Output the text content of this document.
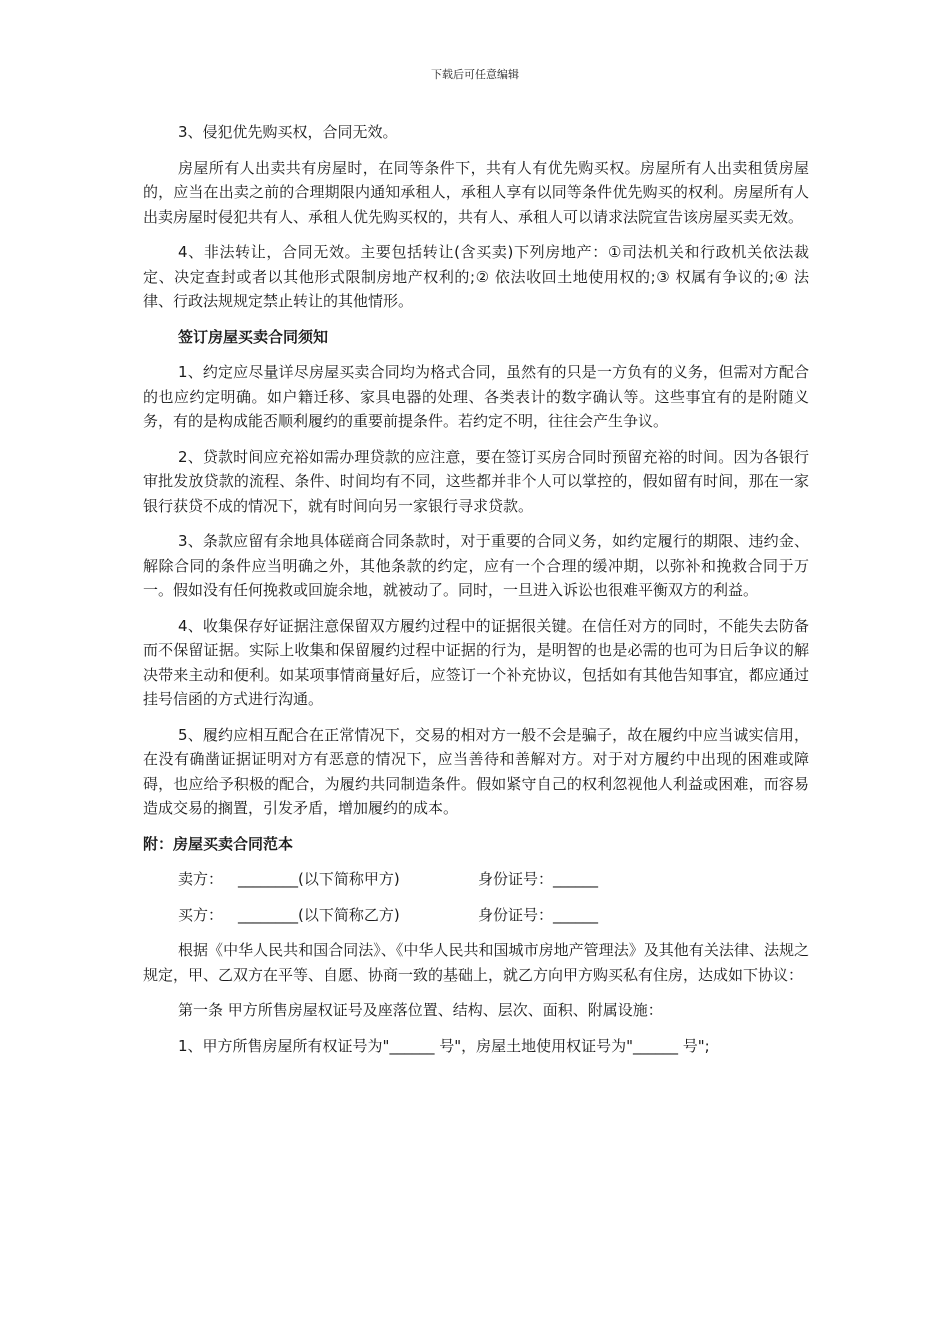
下载后可任意编辑

3、侵犯优先购买权，合同无效。

房屋所有人出卖共有房屋时，在同等条件下，共有人有优先购买权。房屋所有人出卖租赁房屋的，应当在出卖之前的合理期限内通知承租人，承租人享有以同等条件优先购买的权利。房屋所有人出卖房屋时侵犯共有人、承租人优先购买权的，共有人、承租人可以请求法院宣告该房屋买卖无效。

4、非法转让，合同无效。主要包括转让(含买卖)下列房地产：①司法机关和行政机关依法裁定、决定查封或者以其他形式限制房地产权利的;② 依法收回土地使用权的;③ 权属有争议的;④ 法律、行政法规规定禁止转让的其他情形。

签订房屋买卖合同须知

1、约定应尽量详尽房屋买卖合同均为格式合同，虽然有的只是一方负有的义务，但需对方配合的也应约定明确。如户籍迁移、家具电器的处理、各类表计的数字确认等。这些事宜有的是附随义务，有的是构成能否顺利履约的重要前提条件。若约定不明，往往会产生争议。

2、贷款时间应充裕如需办理贷款的应注意，要在签订买房合同时预留充裕的时间。因为各银行审批发放贷款的流程、条件、时间均有不同，这些都并非个人可以掌控的，假如留有时间，那在一家银行获贷不成的情况下，就有时间向另一家银行寻求贷款。

3、条款应留有余地具体磋商合同条款时，对于重要的合同义务，如约定履行的期限、违约金、解除合同的条件应当明确之外，其他条款的约定，应有一个合理的缓冲期，以弥补和挽救合同于万一。假如没有任何挽救或回旋余地，就被动了。同时，一旦进入诉讼也很难平衡双方的利益。

4、收集保存好证据注意保留双方履约过程中的证据很关键。在信任对方的同时，不能失去防备而不保留证据。实际上收集和保留履约过程中证据的行为，是明智的也是必需的也可为日后争议的解决带来主动和便利。如某项事情商量好后，应签订一个补充协议，包括如有其他告知事宜，都应通过挂号信函的方式进行沟通。

5、履约应相互配合在正常情况下，交易的相对方一般不会是骗子，故在履约中应当诚实信用，在没有确凿证据证明对方有恶意的情况下，应当善待和善解对方。对于对方履约中出现的困难或障碍，也应给予积极的配合，为履约共同制造条件。假如紧守自己的权利忽视他人利益或困难，而容易造成交易的搁置，引发矛盾，增加履约的成本。

附：房屋买卖合同范本

卖方： ________(以下简称甲方)	身份证号：______
买方： ________(以下简称乙方)	身份证号：______

根据《中华人民共和国合同法》、《中华人民共和国城市房地产管理法》及其他有关法律、法规之规定，甲、乙双方在平等、自愿、协商一致的基础上，就乙方向甲方购买私有住房，达成如下协议：

第一条 甲方所售房屋权证号及座落位置、结构、层次、面积、附属设施：

1、甲方所售房屋所有权证号为"______ 号"，房屋土地使用权证号为"______ 号";
